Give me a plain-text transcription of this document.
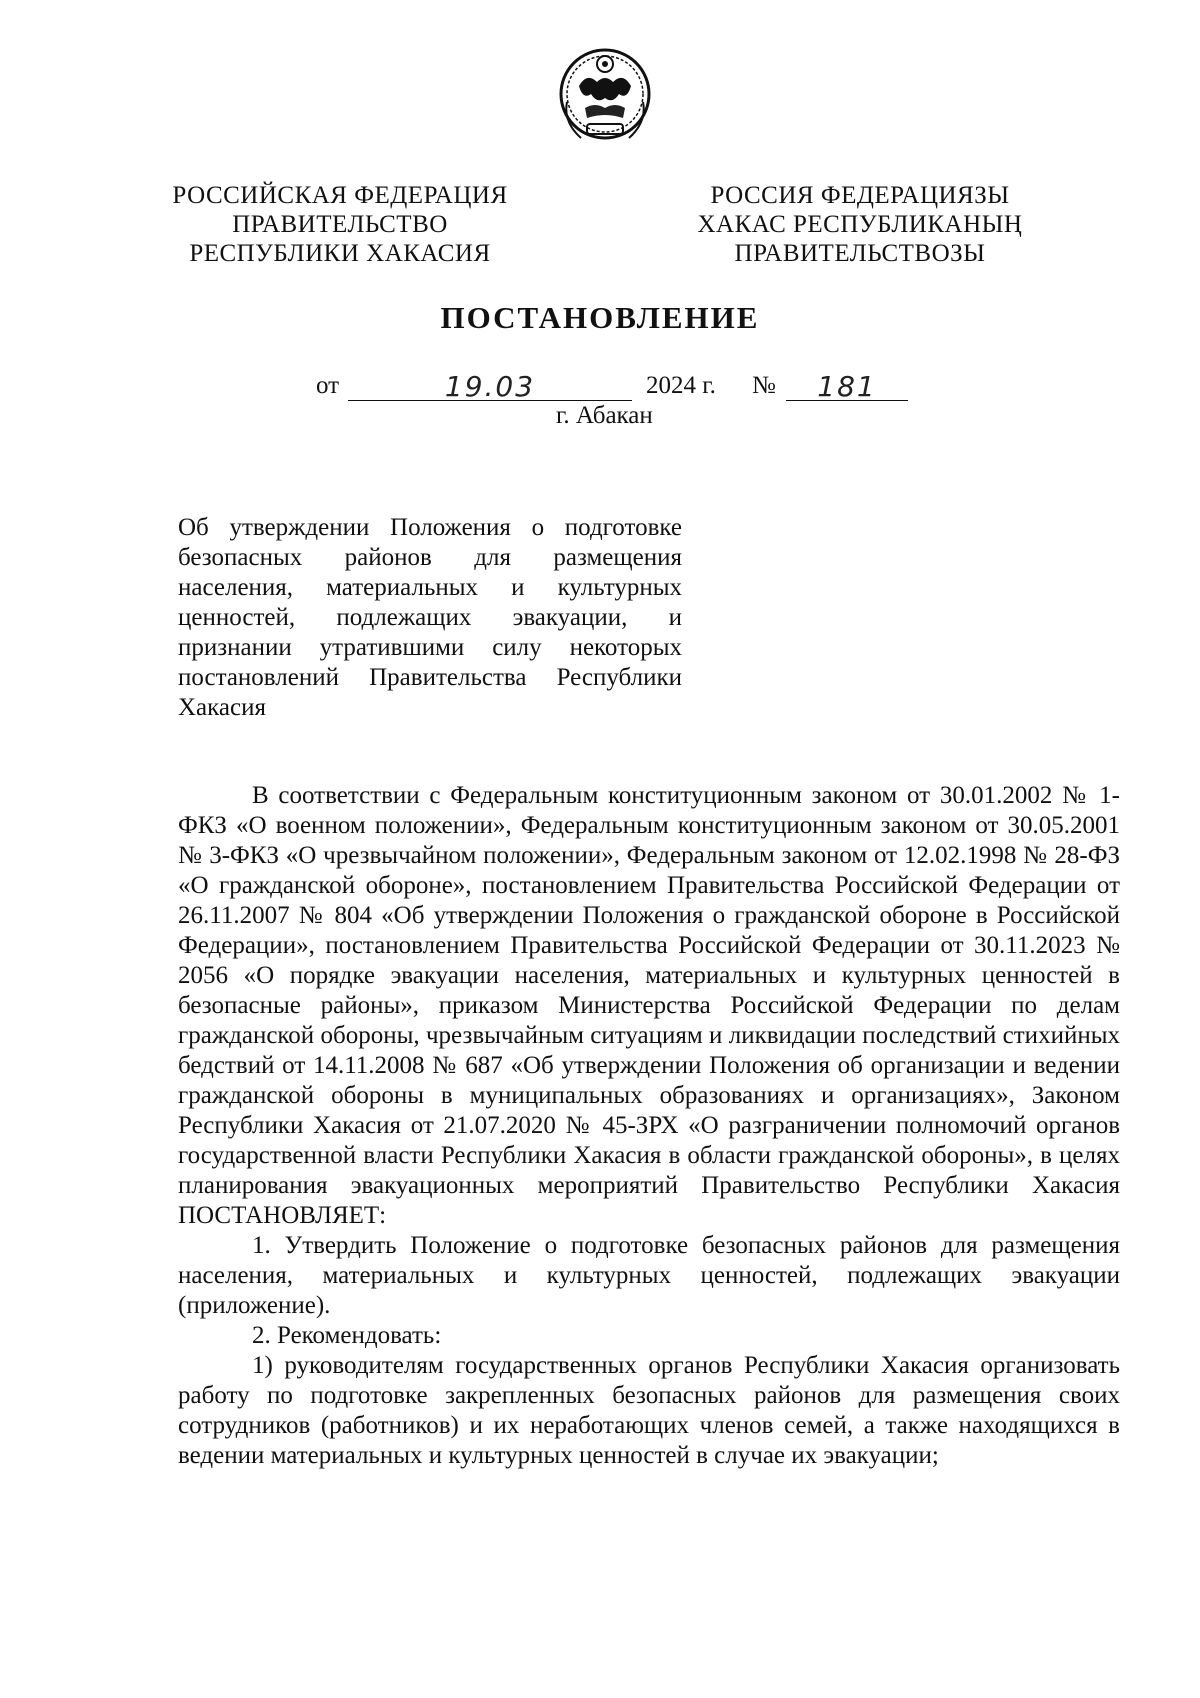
РОССИЙСКАЯ ФЕДЕРАЦИЯ
ПРАВИТЕЛЬСТВО
РЕСПУБЛИКИ ХАКАСИЯ
РОССИЯ ФЕДЕРАЦИЯЗЫ
ХАКАС РЕСПУБЛИКАНЫҢ
ПРАВИТЕЛЬСТВОЗЫ
ПОСТАНОВЛЕНИЕ
от	19.03	2024 г. №	181
г. Абакан
Об утверждении Положения о подготовке безопасных районов для размещения населения, материальных и культурных ценностей, подлежащих эвакуации, и признании утратившими силу некоторых постановлений Правительства Республики Хакасия

В соответствии с Федеральным конституционным законом от 30.01.2002 № 1-ФКЗ «О военном положении», Федеральным конституционным законом от 30.05.2001 № 3-ФКЗ «О чрезвычайном положении», Федеральным законом от 12.02.1998 № 28-ФЗ «О гражданской обороне», постановлением Правительства Российской Федерации от 26.11.2007 № 804 «Об утверждении Положения о гражданской обороне в Российской Федерации», постановлением Правительства Российской Федерации от 30.11.2023 № 2056 «О порядке эвакуации населения, материальных и культурных ценностей в безопасные районы», приказом Министерства Российской Федерации по делам гражданской обороны, чрезвычайным ситуациям и ликвидации последствий стихийных бедствий от 14.11.2008 № 687 «Об утверждении Положения об организации и ведении гражданской обороны в муниципальных образованиях и организациях», Законом Республики Хакасия от 21.07.2020 № 45-ЗРХ «О разграничении полномочий органов государственной власти Республики Хакасия в области гражданской обороны», в целях планирования эвакуационных мероприятий Правительство Республики Хакасия ПОСТАНОВЛЯЕТ:

1. Утвердить Положение о подготовке безопасных районов для размещения населения, материальных и культурных ценностей, подлежащих эвакуации (приложение).

2. Рекомендовать:

1) руководителям государственных органов Республики Хакасия организовать работу по подготовке закрепленных безопасных районов для размещения своих сотрудников (работников) и их неработающих членов семей, а также находящихся в ведении материальных и культурных ценностей в случае их эвакуации;
